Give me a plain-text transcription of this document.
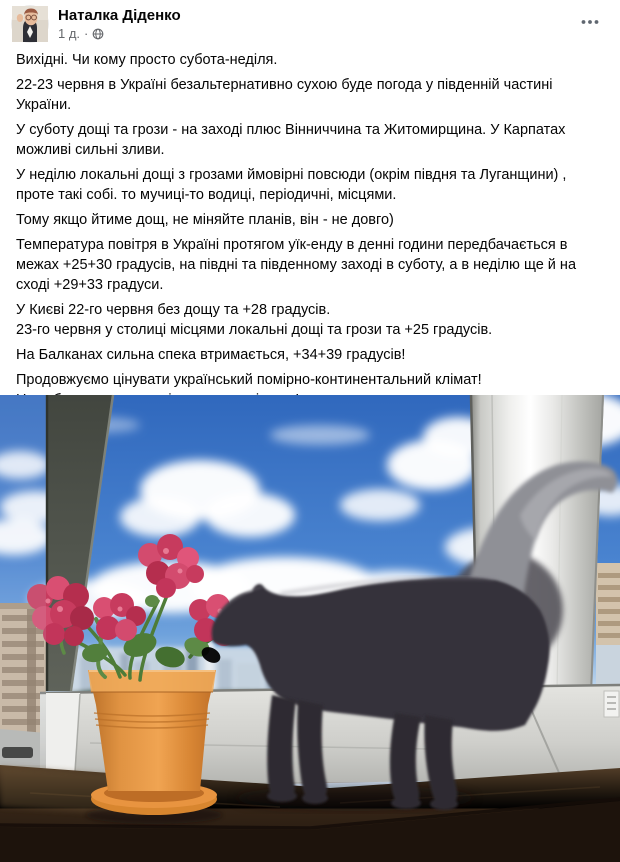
Наталка Діденко
1 д. ·

Вихідні. Чи кому просто субота-неділя.

22-23 червня в Україні безальтернативно сухою буде погода у південній частині України.

У суботу дощі та грози - на заході плюс Вінниччина та Житомирщина. У Карпатах можливі сильні зливи.

У неділю локальні дощі з грозами ймовірні повсюди (окрім півдня та Луганщини) , проте такі собі. то мучиці-то водиці, періодичні, місцями.

Тому якщо йтиме дощ, не міняйте планів, він - не довго)

Температура повітря в Україні протягом уїк-енду в денні години передбачається в межах +25+30 градусів, на півдні та південному заході в суботу, а в неділю ще й на сході +29+33 градуси.

У Києві 22-го червня без дощу та +28 градусів.
23-го червня у столиці місцями локальні дощі та грози та +25 градусів.

На Балканах сильна спека втримається, +34+39 градусів!

Продовжуємо цінувати український помірно-континентальний клімат!
